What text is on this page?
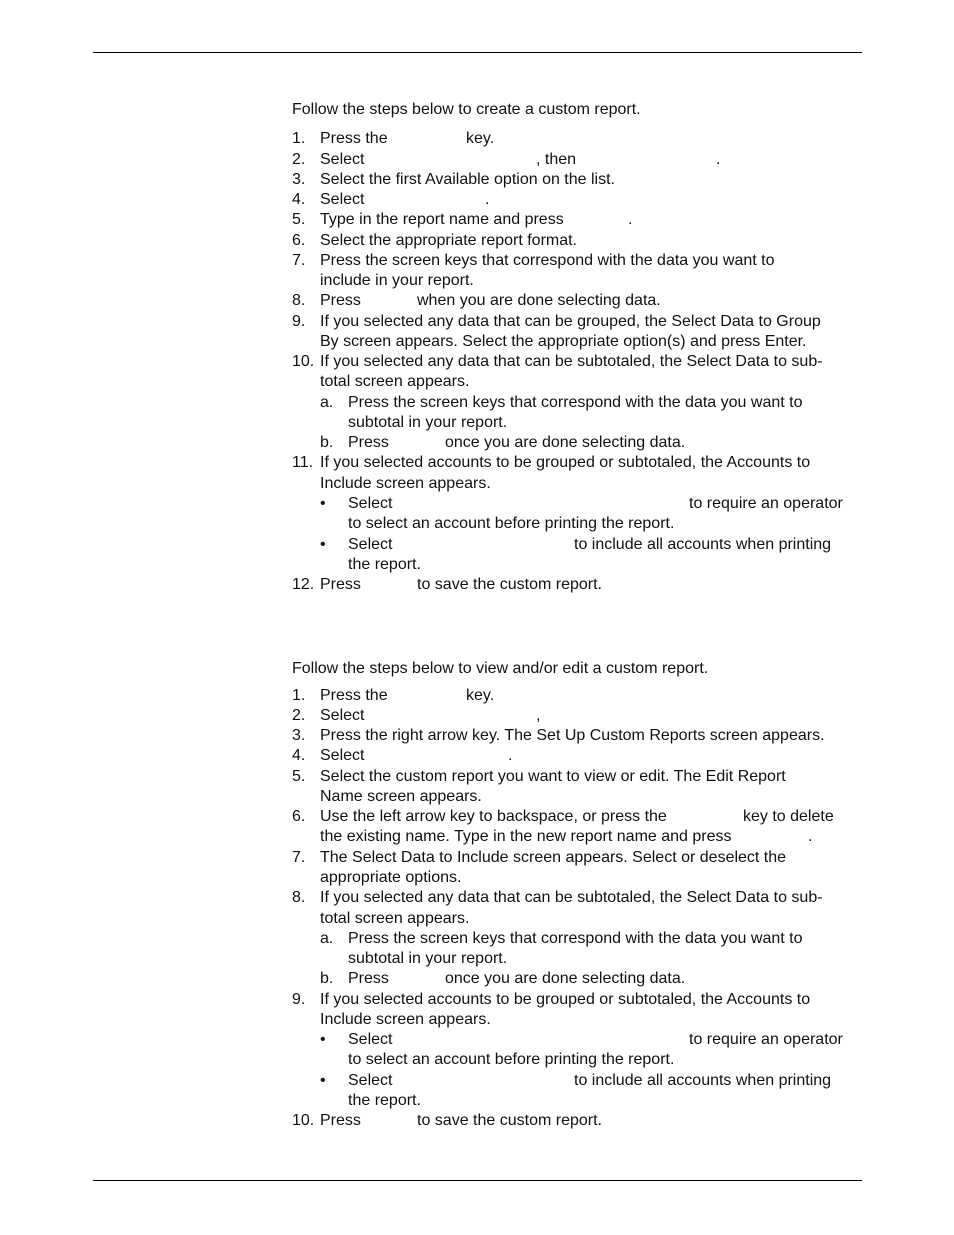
Follow the steps below to create a custom report.
1. Press the	key.
2. Select	, then	.
3. Select the first Available option on the list.
4. Select	.
5. Type in the report name and press	.
6. Select the appropriate report format.
7. Press the screen keys that correspond with the data you want to
include in your report.
8. Press	when you are done selecting data.
9. If you selected any data that can be grouped, the Select Data to Group
By screen appears. Select the appropriate option(s) and press Enter.
10. If you selected any data that can be subtotaled, the Select Data to sub-
total screen appears.
a. Press the screen keys that correspond with the data you want to
subtotal in your report.
b. Press	once you are done selecting data.
11. If you selected accounts to be grouped or subtotaled, the Accounts to
Include screen appears.
• Select	to require an operator
to select an account before printing the report.
• Select	to include all accounts when printing
the report.
12. Press	to save the custom report.
Follow the steps below to view and/or edit a custom report.
1. Press the	key.
2. Select	,
3. Press the right arrow key. The Set Up Custom Reports screen appears.
4. Select	.
5. Select the custom report you want to view or edit. The Edit Report
Name screen appears.
6. Use the left arrow key to backspace, or press the	key to delete
the existing name. Type in the new report name and press	.
7. The Select Data to Include screen appears. Select or deselect the
appropriate options.
8. If you selected any data that can be subtotaled, the Select Data to sub-
total screen appears.
a. Press the screen keys that correspond with the data you want to
subtotal in your report.
b. Press	once you are done selecting data.
9. If you selected accounts to be grouped or subtotaled, the Accounts to
Include screen appears.
• Select	to require an operator
to select an account before printing the report.
• Select	to include all accounts when printing
the report.
10. Press	to save the custom report.
